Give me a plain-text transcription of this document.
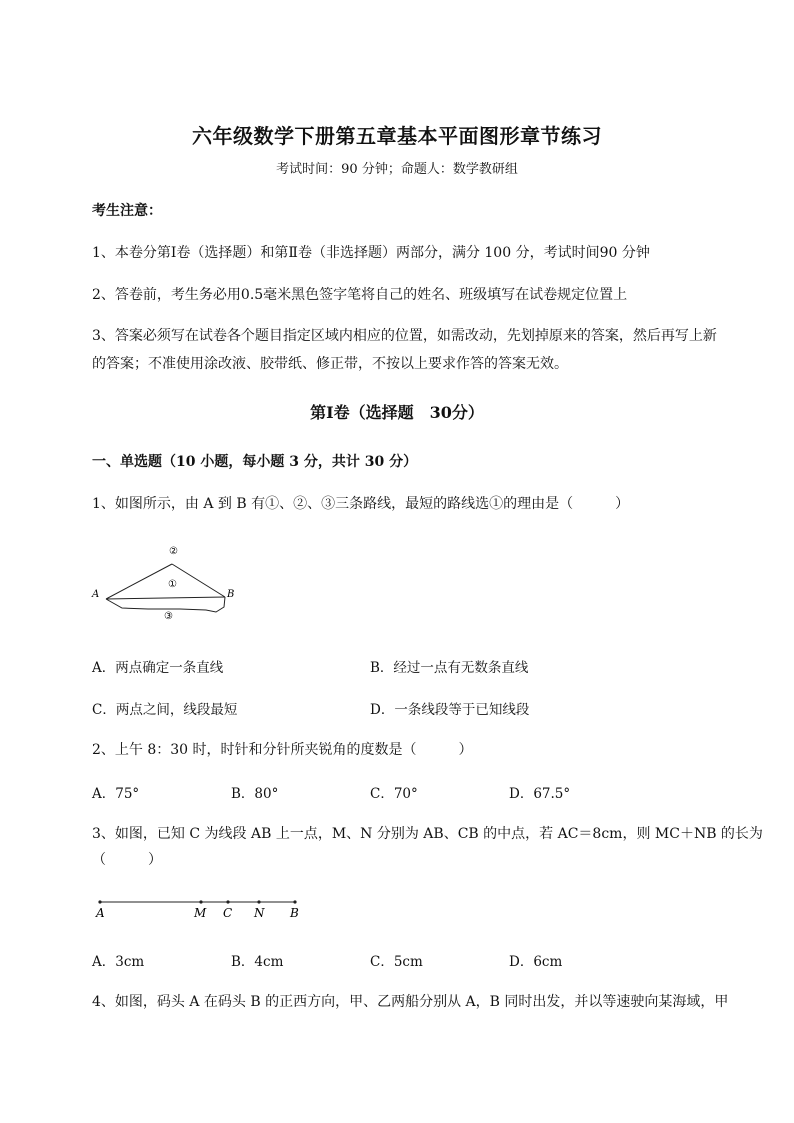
六年级数学下册第五章基本平面图形章节练习
考试时间：90 分钟；命题人：数学教研组
考生注意：
1、本卷分第Ⅰ卷（选择题）和第Ⅱ卷（非选择题）两部分，满分 100 分，考试时间90 分钟
2、答卷前，考生务必用0.5毫米黑色签字笔将自己的姓名、班级填写在试卷规定位置上
3、答案必须写在试卷各个题目指定区域内相应的位置，如需改动，先划掉原来的答案，然后再写上新
的答案；不准使用涂改液、胶带纸、修正带，不按以上要求作答的答案无效。
第Ⅰ卷（选择题　30分）
一、单选题（10 小题，每小题 3 分，共计 30 分）
1、如图所示，由 A 到 B 有①、②、③三条路线，最短的路线选①的理由是（　　　）
A	B
①
②
③
A．两点确定一条直线	B．经过一点有无数条直线
C．两点之间，线段最短	D．一条线段等于已知线段
2、上午 8：30 时，时针和分针所夹锐角的度数是（　　　）
A．75°	B．80°	C．70°	D．67.5°
3、如图，已知 C 为线段 AB 上一点，M、N 分别为 AB、CB 的中点，若 AC＝8cm，则 MC＋NB 的长为
（　　　）
A	M C N B
A．3cm	B．4cm	C．5cm	D．6cm
4、如图，码头 A 在码头 B 的正西方向，甲、乙两船分别从 A，B 同时出发，并以等速驶向某海域，甲
